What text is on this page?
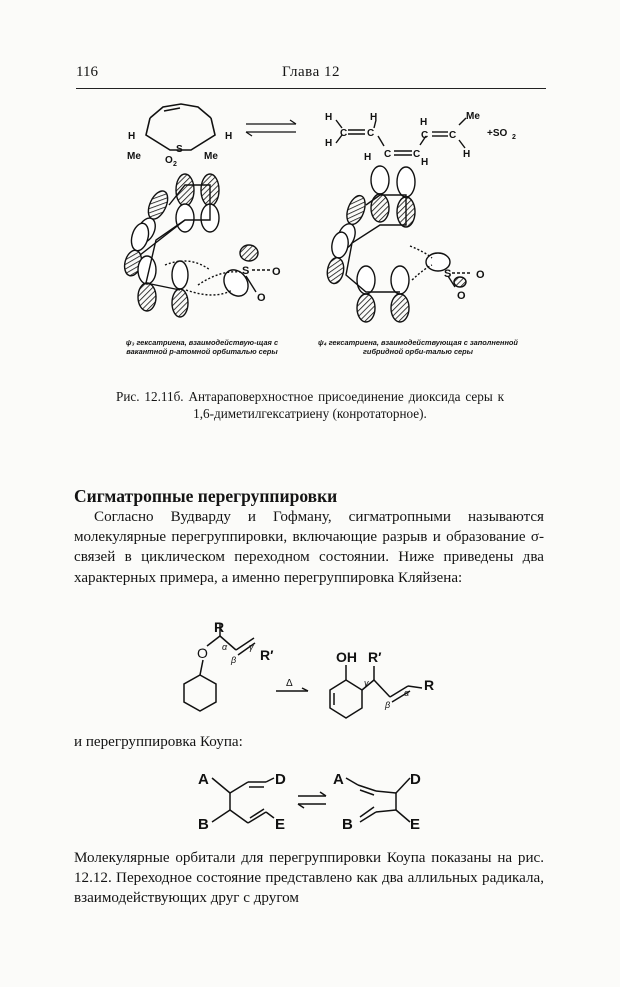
116	Глава 12
H	H
Me	Me
S
O 2
H
H
C C
H
C C
H	H
C C
H
Me
H
+SO 2
S O
O
S O
O
R
O α
β
γ R′
Δ
OH R′
γ
β
α R
A
B
D
E
A
B
D
E
ψ₃ гексатриена, взаимодействую-щая с вакантной р-атомной орбиталью серы
ψ₄ гексатриена, взаимодействующая с заполненной гибридной орби-талью серы
Рис. 12.11б. Антараповерхностное присоединение диоксида серы к 1,6-диметилгексатриену (конротаторное).
Сигматропные перегруппировки
Согласно Вудварду и Гофману, сигматропными называются молекулярные перегруппировки, включающие разрыв и образование σ-связей в циклическом переходном состоянии. Ниже приведены два характерных примера, а именно перегруппировка Кляйзена:
и перегруппировка Коупа:
Молекулярные орбитали для перегруппировки Коупа показаны на рис. 12.12. Переходное состояние представлено как два аллильных радикала, взаимодействующих друг с другом
